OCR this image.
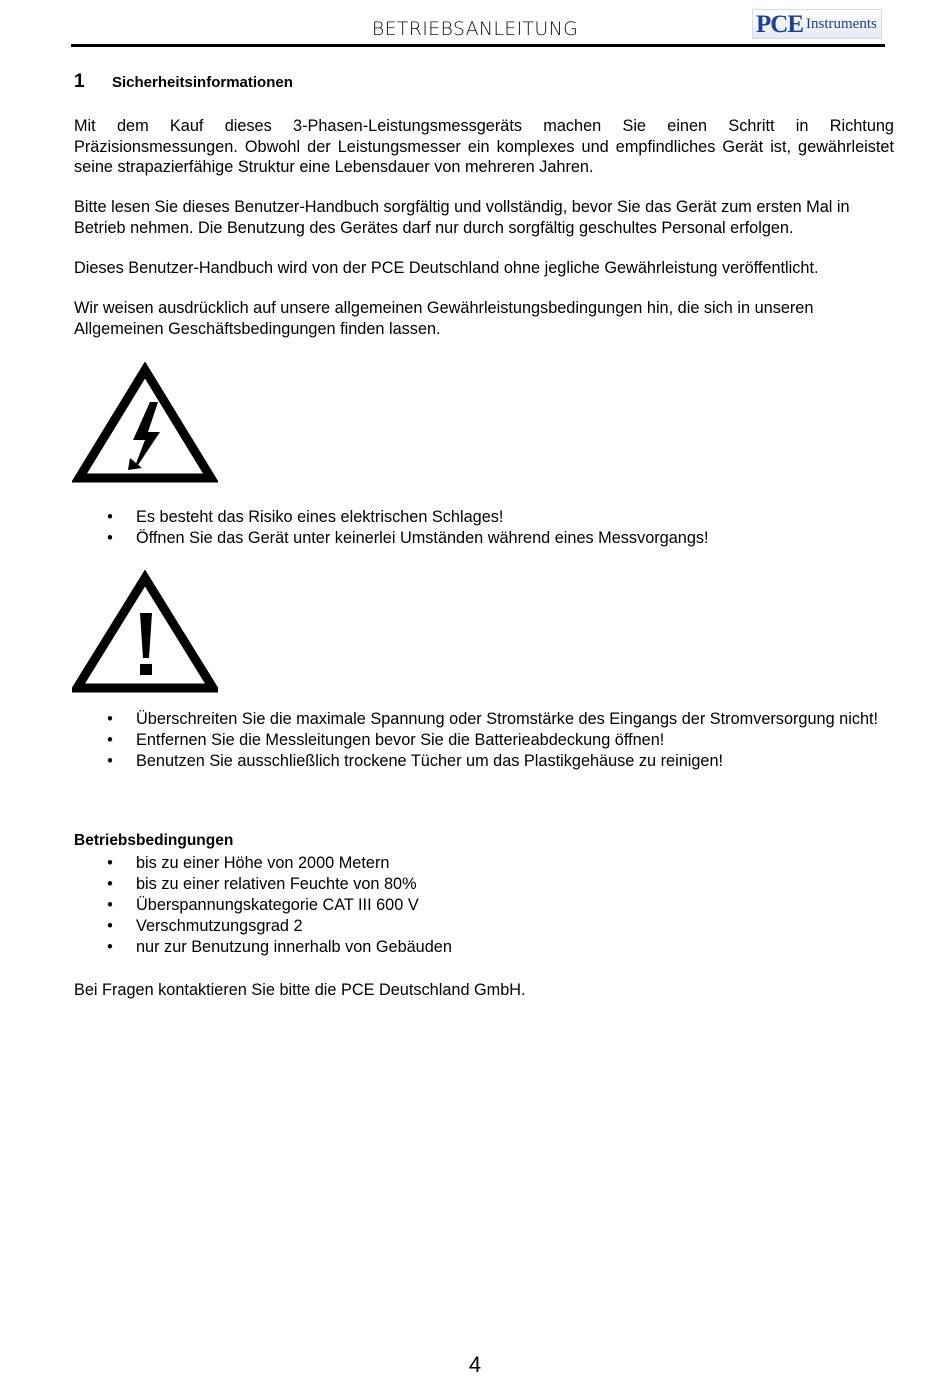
BETRIEBSANLEITUNG	PCE Instruments
1	Sicherheitsinformationen

Mit dem Kauf dieses 3-Phasen-Leistungsmessgeräts machen Sie einen Schritt in Richtung Präzisionsmessungen. Obwohl der Leistungsmesser ein komplexes und empfindliches Gerät ist, gewährleistet seine strapazierfähige Struktur eine Lebensdauer von mehreren Jahren.

Bitte lesen Sie dieses Benutzer-Handbuch sorgfältig und vollständig, bevor Sie das Gerät zum ersten Mal in Betrieb nehmen. Die Benutzung des Gerätes darf nur durch sorgfältig geschultes Personal erfolgen.

Dieses Benutzer-Handbuch wird von der PCE Deutschland ohne jegliche Gewährleistung veröffentlicht.

Wir weisen ausdrücklich auf unsere allgemeinen Gewährleistungsbedingungen hin, die sich in unseren Allgemeinen Geschäftsbedingungen finden lassen.

• Es besteht das Risiko eines elektrischen Schlages!
• Öffnen Sie das Gerät unter keinerlei Umständen während eines Messvorgangs!
• Überschreiten Sie die maximale Spannung oder Stromstärke des Eingangs der Stromversorgung nicht!
• Entfernen Sie die Messleitungen bevor Sie die Batterieabdeckung öffnen!
• Benutzen Sie ausschließlich trockene Tücher um das Plastikgehäuse zu reinigen!
Betriebsbedingungen
• bis zu einer Höhe von 2000 Metern
• bis zu einer relativen Feuchte von 80%
• Überspannungskategorie CAT III 600 V
• Verschmutzungsgrad 2
• nur zur Benutzung innerhalb von Gebäuden

Bei Fragen kontaktieren Sie bitte die PCE Deutschland GmbH.

4
